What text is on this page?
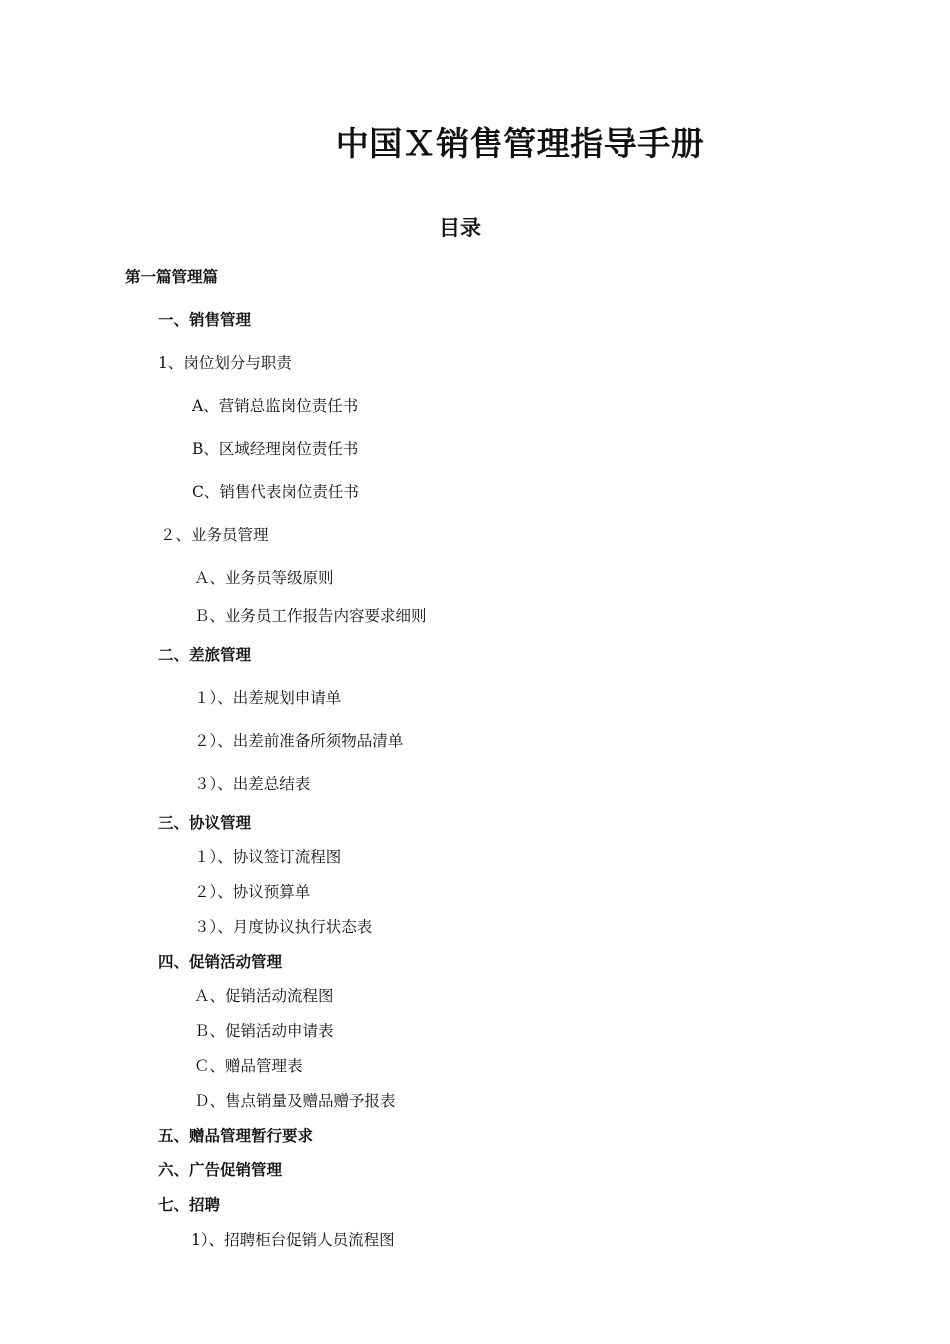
中国Ｘ销售管理指导手册
目录
第一篇管理篇
一、销售管理
1、岗位划分与职责
A、营销总监岗位责任书
B、区域经理岗位责任书
C、销售代表岗位责任书
２、业务员管理
Ａ、业务员等级原则
Ｂ、业务员工作报告内容要求细则
二、差旅管理
１）、出差规划申请单
２）、出差前准备所须物品清单
３）、出差总结表
三、协议管理
１）、协议签订流程图
２）、协议预算单
３）、月度协议执行状态表
四、促销活动管理
Ａ、促销活动流程图
Ｂ、促销活动申请表
Ｃ、赠品管理表
Ｄ、售点销量及赠品赠予报表
五、赠品管理暂行要求
六、广告促销管理
七、招聘
1）、招聘柜台促销人员流程图
